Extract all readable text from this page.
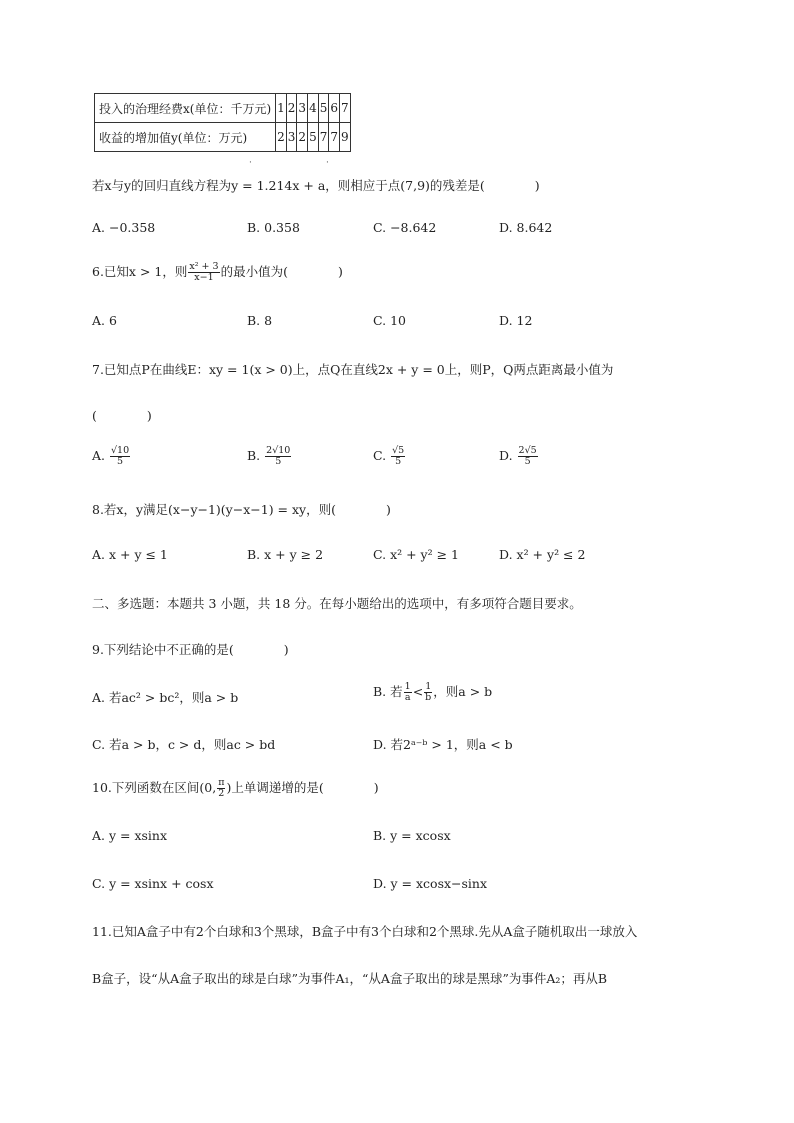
投入的治理经费x(单位：千万元)	1	2	3	4	5	6	7
收益的增加值y(单位：万元)	2	3	2	5	7	7	9
·	·
若x与y的回归直线方程为y = 1.214x + a，则相应于点(7,9)的残差是(　　　　)
A. −0.358	B. 0.358	C. −8.642	D. 8.642
6.已知x > 1，则 $\frac{\text{x² + 3}}{x-1}$ 的最小值为(　　　　)
A. 6	B. 8	C. 10	D. 12
7.已知点P在曲线E：xy = 1(x > 0)上，点Q在直线2x + y = 0上，则P，Q两点距离最小值为
(　　　　)
A. $\frac{√10}{5}$	B. $\frac{2√10}{5}$	C. $\frac{√5}{5}$	D. $\frac{2√5}{5}$
8.若x，y满足(x−y−1)(y−x−1) = xy，则(　　　　)
A. x + y ≤ 1	B. x + y ≥ 2	C. x² + y² ≥ 1	D. x² + y² ≤ 2
二、多选题：本题共 3 小题，共 18 分。在每小题给出的选项中，有多项符合题目要求。
9.下列结论中不正确的是(　　　　)
A. 若ac² > bc²，则a > b	B. 若 $\frac{1}{a} < \frac{1}{b}$ ，则a > b
C. 若a > b，c > d，则ac > bd	D. 若2ᵃ⁻ᵇ > 1，则a < b
10.下列函数在区间(0, $\frac{\pi}{2}$ )上单调递增的是(　　　　)
A. y = xsinx	B. y = xcosx
C. y = xsinx + cosx	D. y = xcosx−sinx
11.已知A盒子中有2个白球和3个黑球，B盒子中有3个白球和2个黑球.先从A盒子随机取出一球放入
B盒子，设“从A盒子取出的球是白球”为事件A₁，“从A盒子取出的球是黑球”为事件A₂；再从B
